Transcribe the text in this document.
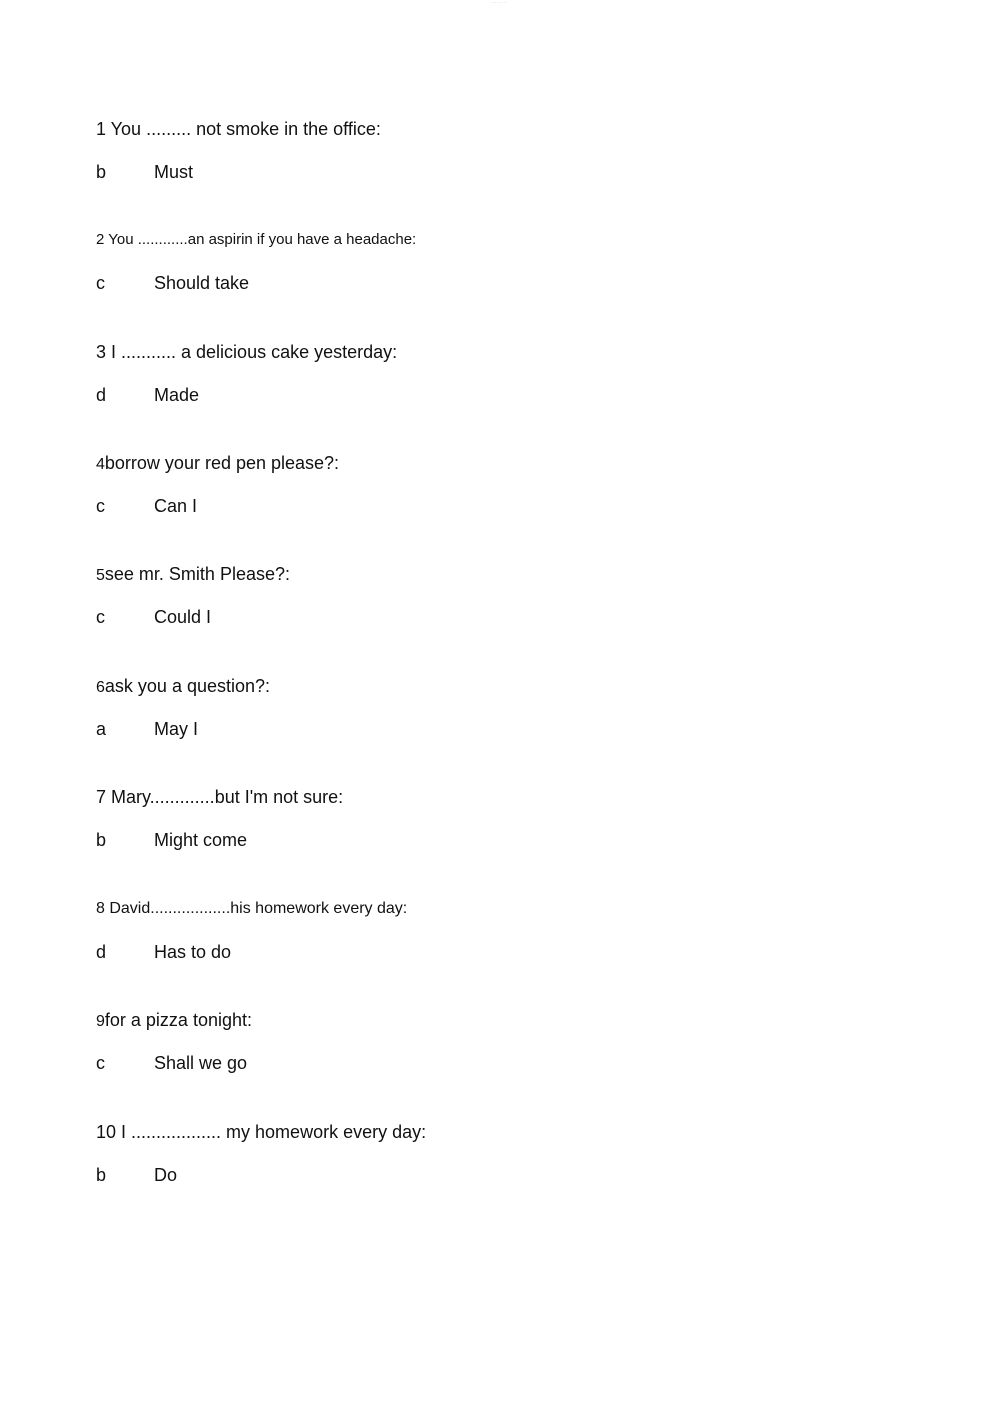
··· ·····
1 You ......... not smoke in the office:
b	Must
2 You ............an aspirin if you have a headache:
c	Should take
3 I ........... a delicious cake yesterday:
d	Made
4borrow your red pen please?:
c	Can I
5see mr. Smith Please?:
c	Could I
6ask you a question?:
a	May I
7 Mary.............but I'm not sure:
b	Might come
8 David..................his homework every day:
d	Has to do
9for a pizza tonight:
c	Shall we go
10 I .................. my homework every day:
b	Do
